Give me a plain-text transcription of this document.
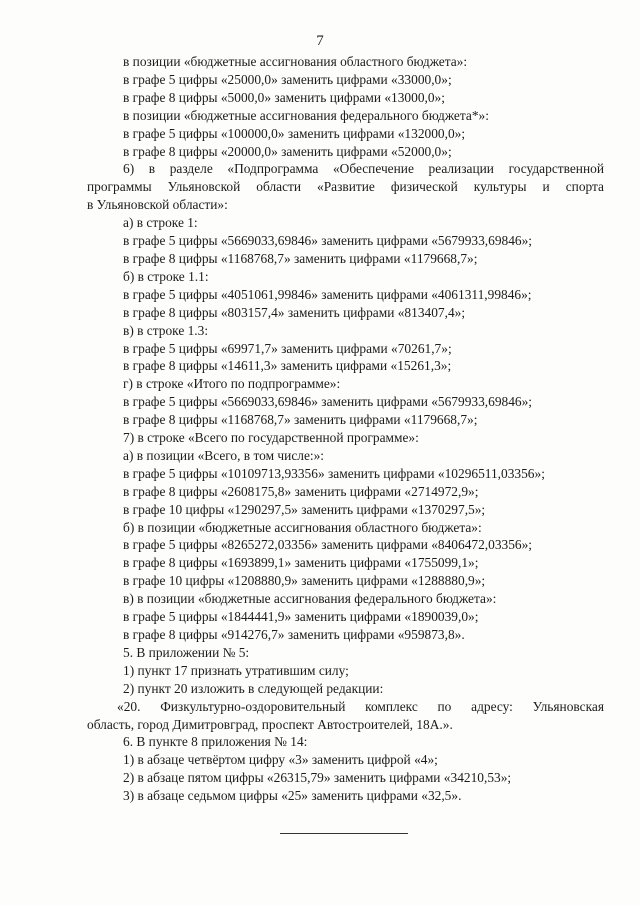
7

в позиции «бюджетные ассигнования областного бюджета»:

в графе 5 цифры «25000,0» заменить цифрами «33000,0»;

в графе 8 цифры «5000,0» заменить цифрами «13000,0»;

в позиции «бюджетные ассигнования федерального бюджета*»:

в графе 5 цифры «100000,0» заменить цифрами «132000,0»;

в графе 8 цифры «20000,0» заменить цифрами «52000,0»;

6) в разделе «Подпрограмма «Обеспечение реализации государственной

программы Ульяновской области «Развитие физической культуры и спорта

в Ульяновской области»:

а) в строке 1:

в графе 5 цифры «5669033,69846» заменить цифрами «5679933,69846»;

в графе 8 цифры «1168768,7» заменить цифрами «1179668,7»;

б) в строке 1.1:

в графе 5 цифры «4051061,99846» заменить цифрами «4061311,99846»;

в графе 8 цифры «803157,4» заменить цифрами «813407,4»;

в) в строке 1.3:

в графе 5 цифры «69971,7» заменить цифрами «70261,7»;

в графе 8 цифры «14611,3» заменить цифрами «15261,3»;

г) в строке «Итого по подпрограмме»:

в графе 5 цифры «5669033,69846» заменить цифрами «5679933,69846»;

в графе 8 цифры «1168768,7» заменить цифрами «1179668,7»;

7) в строке «Всего по государственной программе»:

а) в позиции «Всего, в том числе:»:

в графе 5 цифры «10109713,93356» заменить цифрами «10296511,03356»;

в графе 8 цифры «2608175,8» заменить цифрами «2714972,9»;

в графе 10 цифры «1290297,5» заменить цифрами «1370297,5»;

б) в позиции «бюджетные ассигнования областного бюджета»:

в графе 5 цифры «8265272,03356» заменить цифрами «8406472,03356»;

в графе 8 цифры «1693899,1» заменить цифрами «1755099,1»;

в графе 10 цифры «1208880,9» заменить цифрами «1288880,9»;

в) в позиции «бюджетные ассигнования федерального бюджета»:

в графе 5 цифры «1844441,9» заменить цифрами «1890039,0»;

в графе 8 цифры «914276,7» заменить цифрами «959873,8».

5. В приложении № 5:

1) пункт 17 признать утратившим силу;

2) пункт 20 изложить в следующей редакции:

«20. Физкультурно-оздоровительный комплекс по адресу: Ульяновская

область, город Димитровград, проспект Автостроителей, 18А.».

6. В пункте 8 приложения № 14:

1) в абзаце четвёртом цифру «3» заменить цифрой «4»;

2) в абзаце пятом цифры «26315,79» заменить цифрами «34210,53»;

3) в абзаце седьмом цифры «25» заменить цифрами «32,5».
